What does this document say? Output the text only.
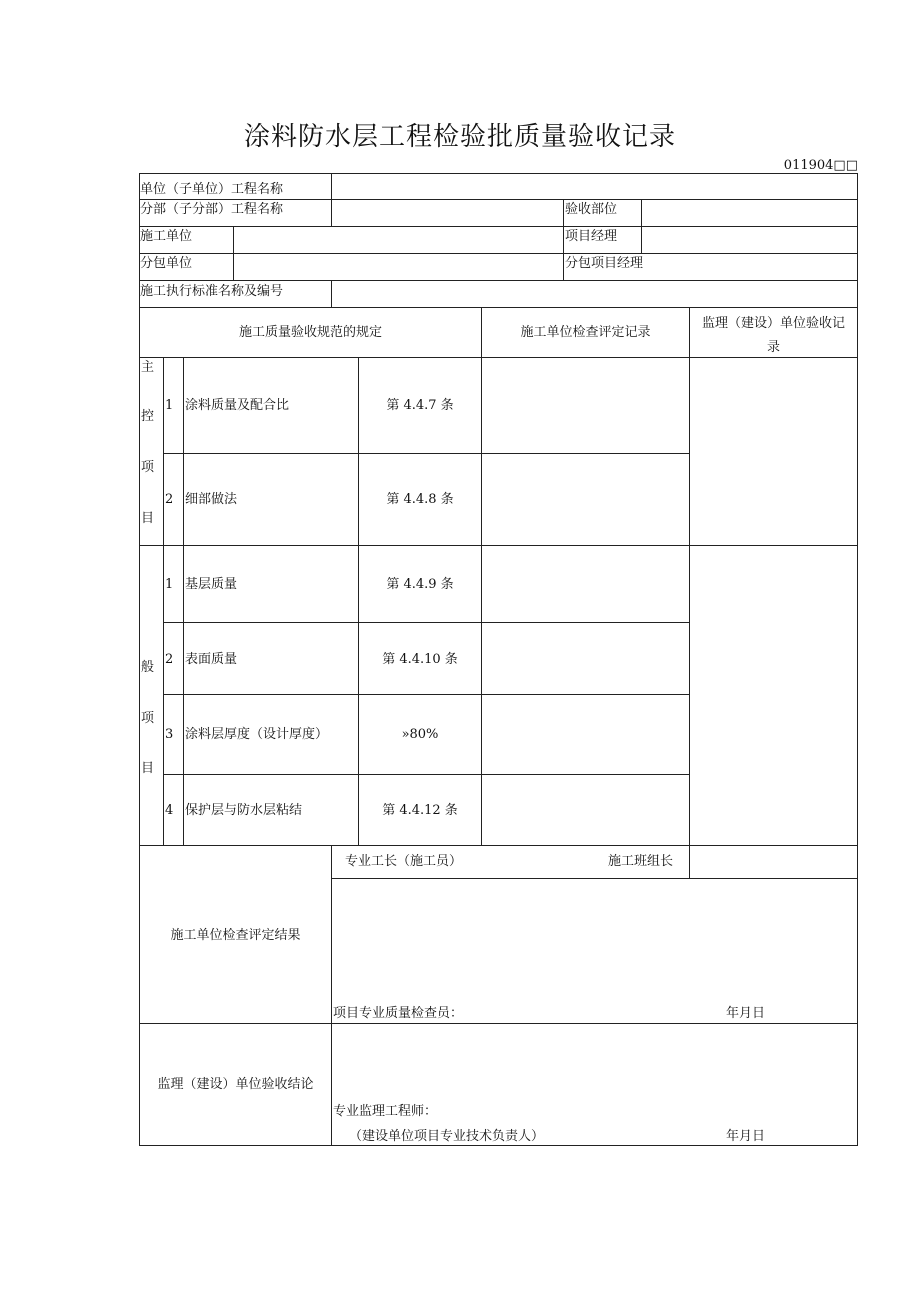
涂料防水层工程检验批质量验收记录
011904□□
单位（子单位）工程名称
分部（子分部）工程名称	验收部位
施工单位	项目经理
分包单位	分包项目经理
施工执行标准名称及编号
施工质量验收规范的规定	施工单位检查评定记录
监理（建设）单位验收记
录
主
控
项
目
1 涂料质量及配合比	第 4.4.7 条
2 细部做法	第 4.4.8 条
般
项
目
1 基层质量	第 4.4.9 条
2 表面质量	第 4.4.10 条
3 涂料层厚度（设计厚度）	»80%
4 保护层与防水层粘结	第 4.4.12 条
施工单位检查评定结果
专业工长（施工员）	施工班组长
项目专业质量检查员：	年月日
监理（建设）单位验收结论
专业监理工程师：
（建设单位项目专业技术负责人）	年月日
